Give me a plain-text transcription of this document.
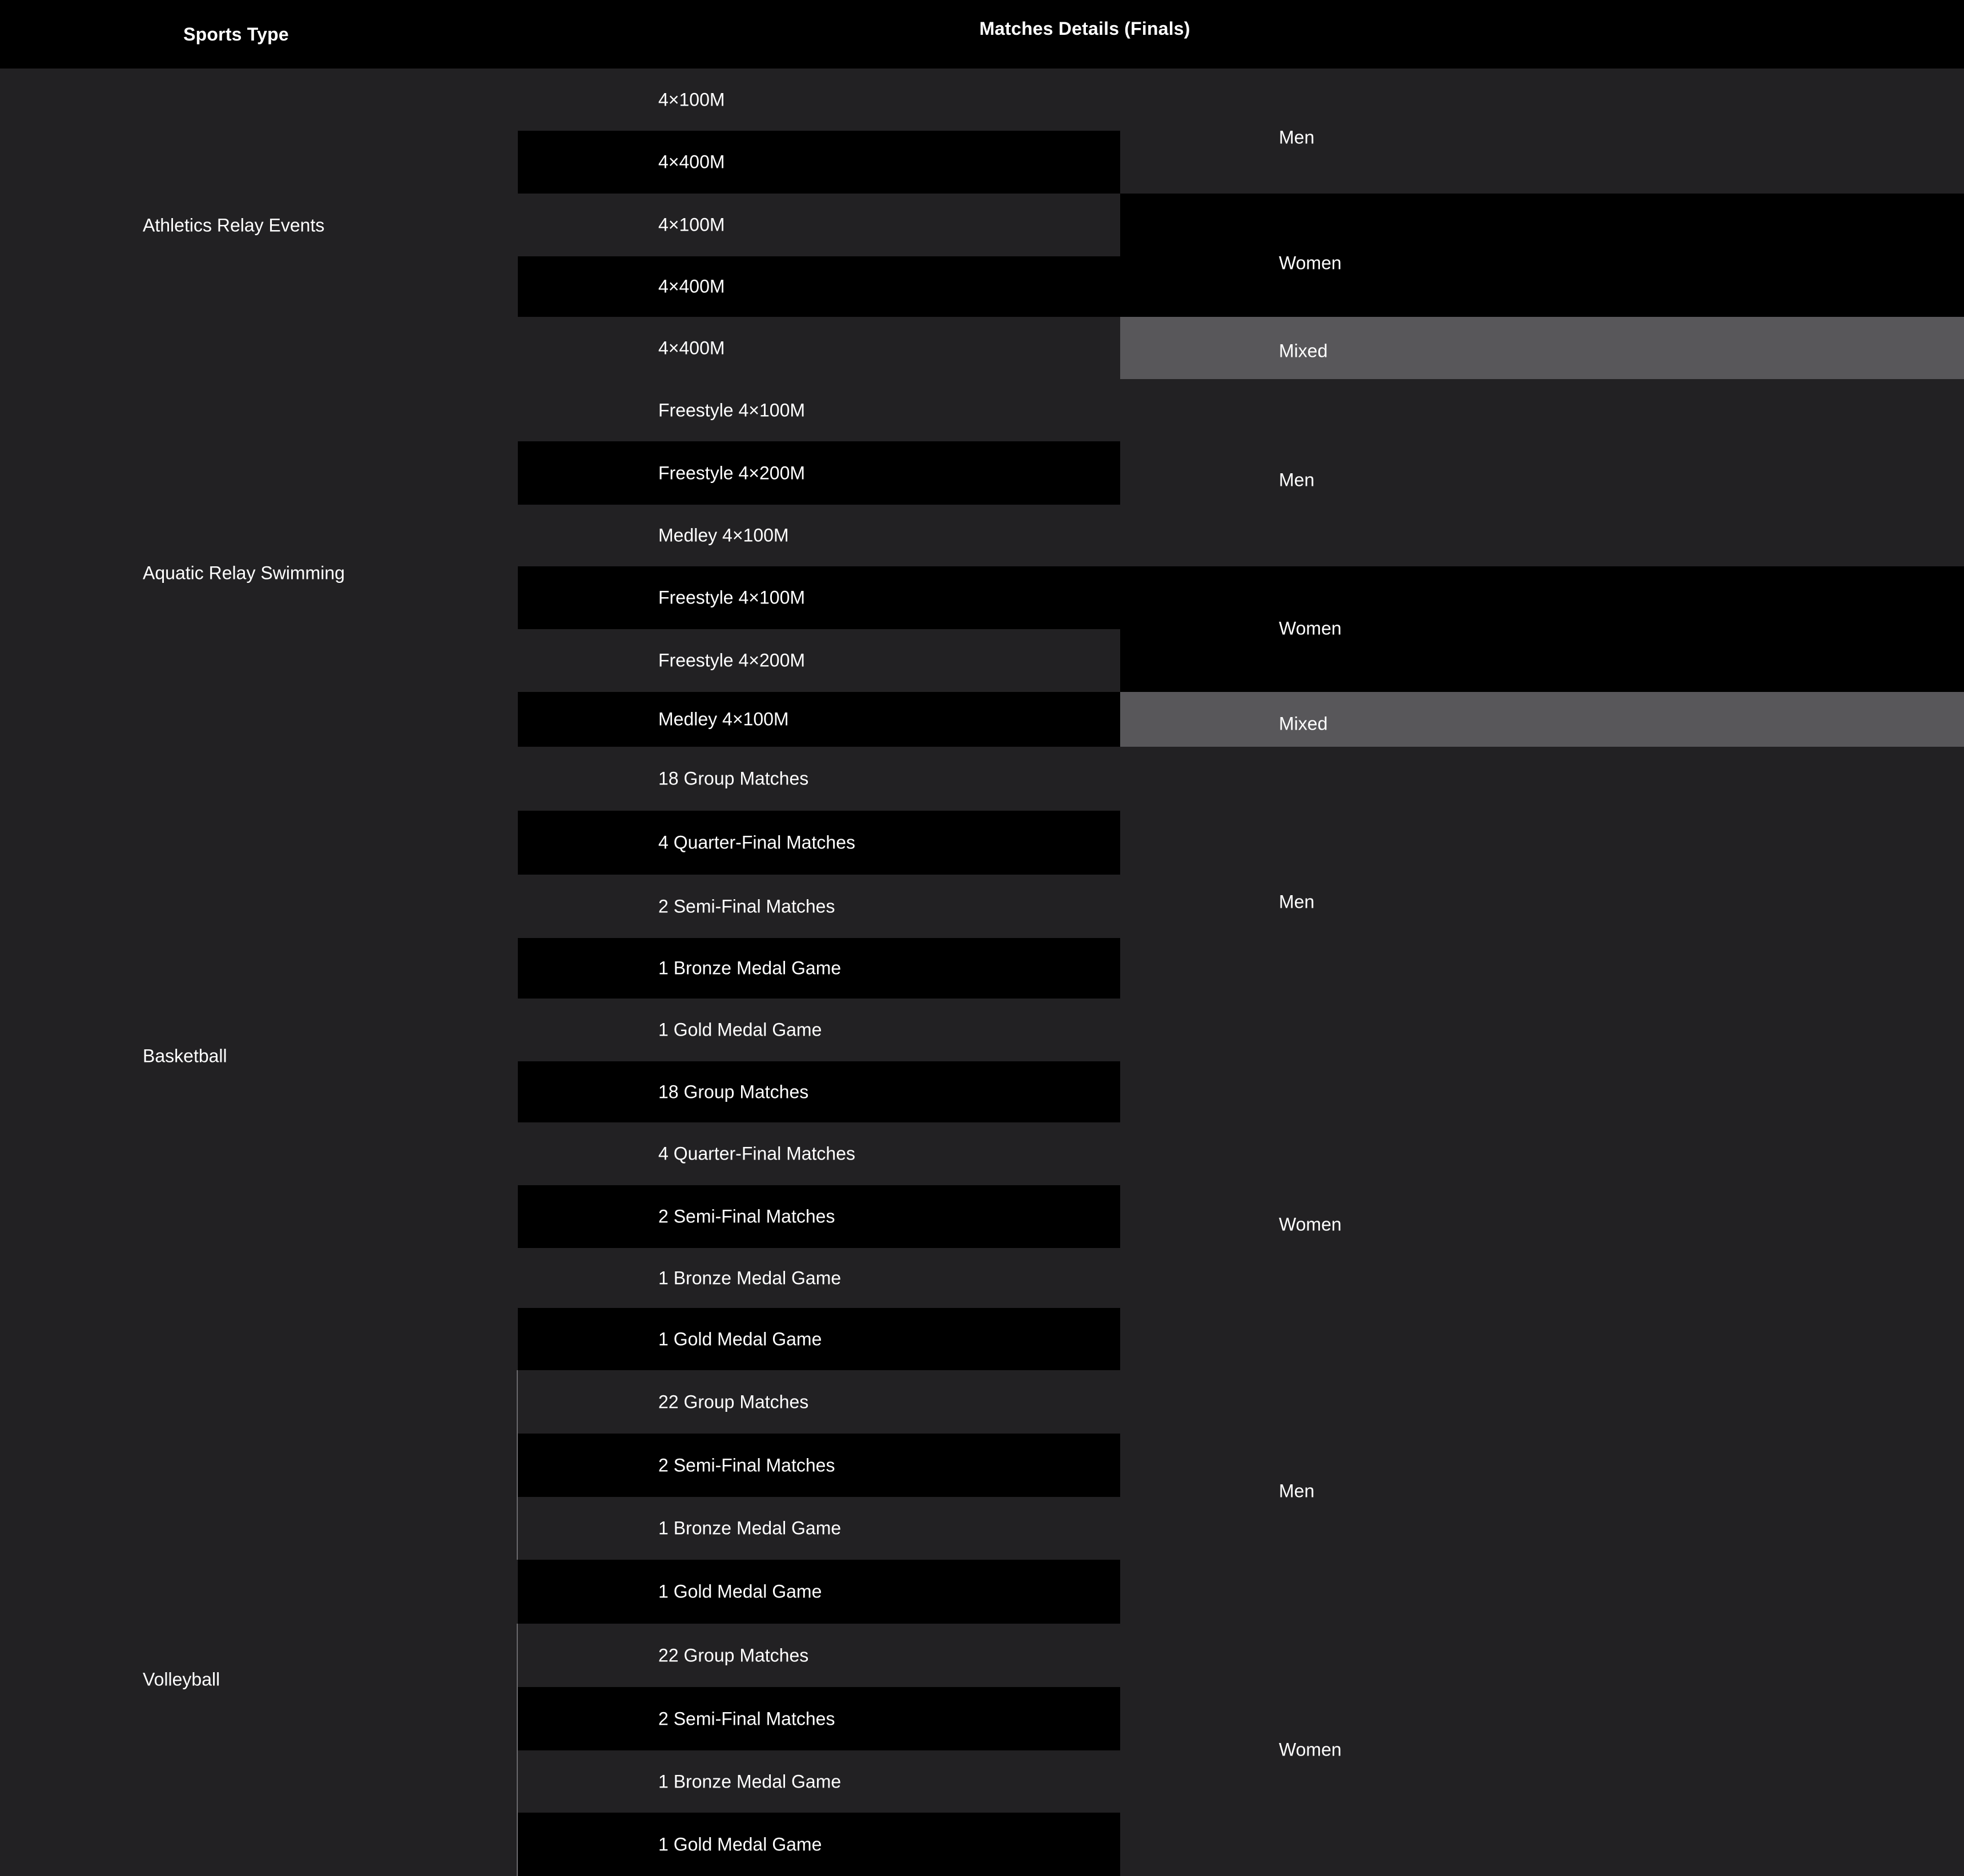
Sports Type	Matches Details (Finals)
4×100M
4×400M
4×100M
4×400M
4×400M
Freestyle 4×100M
Freestyle 4×200M
Medley 4×100M
Freestyle 4×100M
Freestyle 4×200M
Medley 4×100M
18 Group Matches
4 Quarter-Final Matches
2 Semi-Final Matches
1 Bronze Medal Game
1 Gold Medal Game
18 Group Matches
4 Quarter-Final Matches
2 Semi-Final Matches
1 Bronze Medal Game
1 Gold Medal Game
22 Group Matches
2 Semi-Final Matches
1 Bronze Medal Game
1 Gold Medal Game
22 Group Matches
2 Semi-Final Matches
1 Bronze Medal Game
1 Gold Medal Game
Men
Women
Mixed
Men
Women
Mixed
Men
Women
Men
Women
Athletics Relay Events
Aquatic Relay Swimming
Basketball
Volleyball
